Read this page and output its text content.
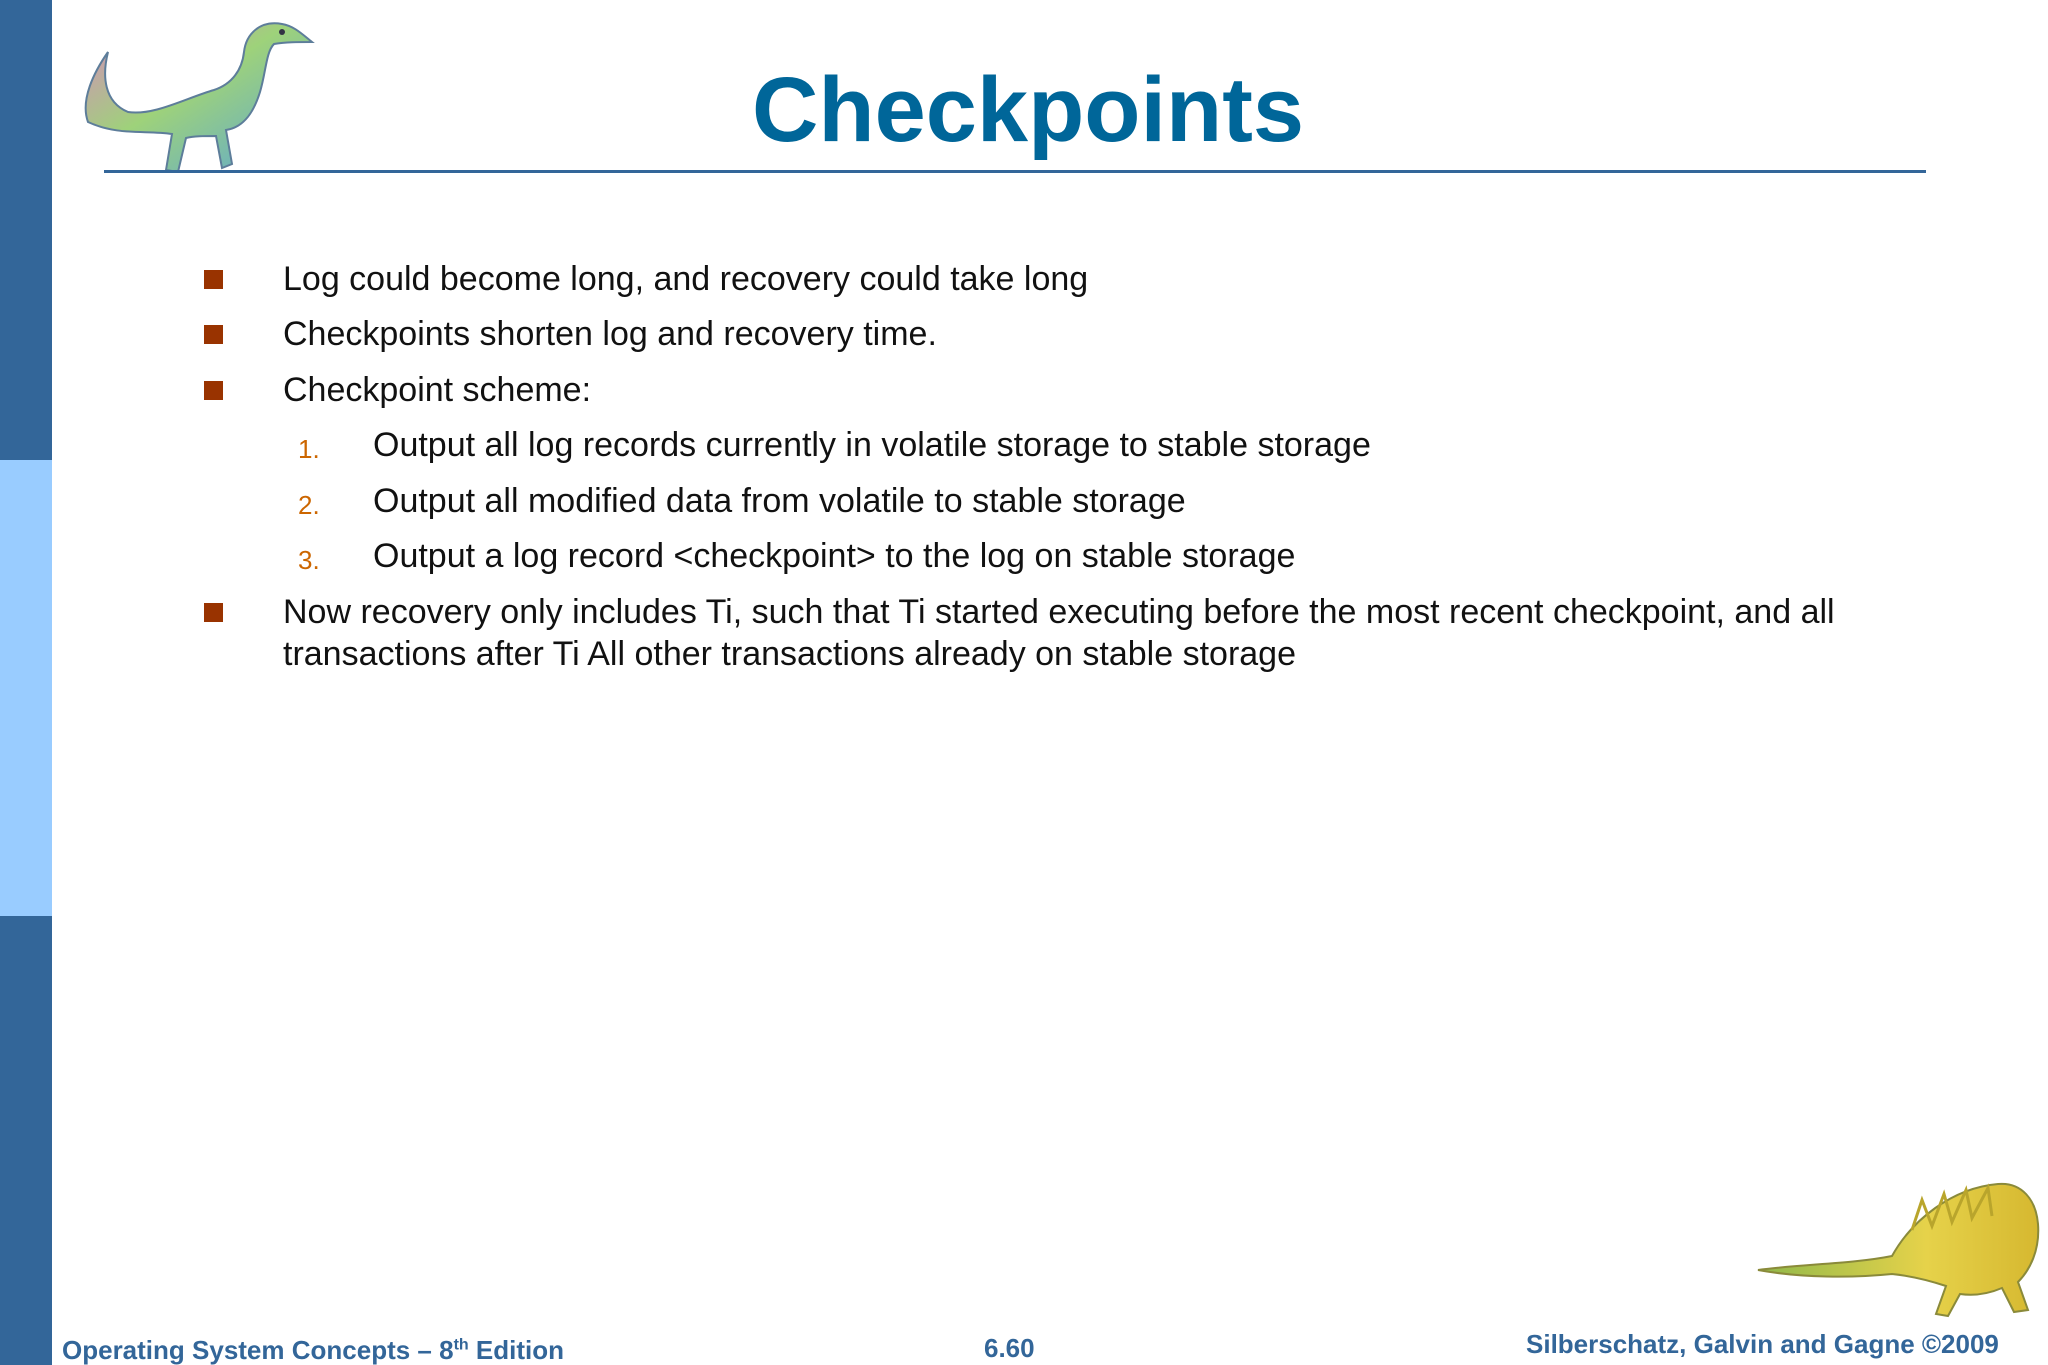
Checkpoints
Log could become long, and recovery could take long
Checkpoints shorten log and recovery time.
Checkpoint scheme:
1. Output all log records currently in volatile storage to stable storage
2. Output all modified data from volatile to stable storage
3. Output a log record <checkpoint> to the log on stable storage
Now recovery only includes Ti, such that Ti started executing before the most recent checkpoint, and all transactions after Ti All other transactions already on stable storage
Operating System Concepts – 8th Edition	6.60	Silberschatz, Galvin and Gagne ©2009
